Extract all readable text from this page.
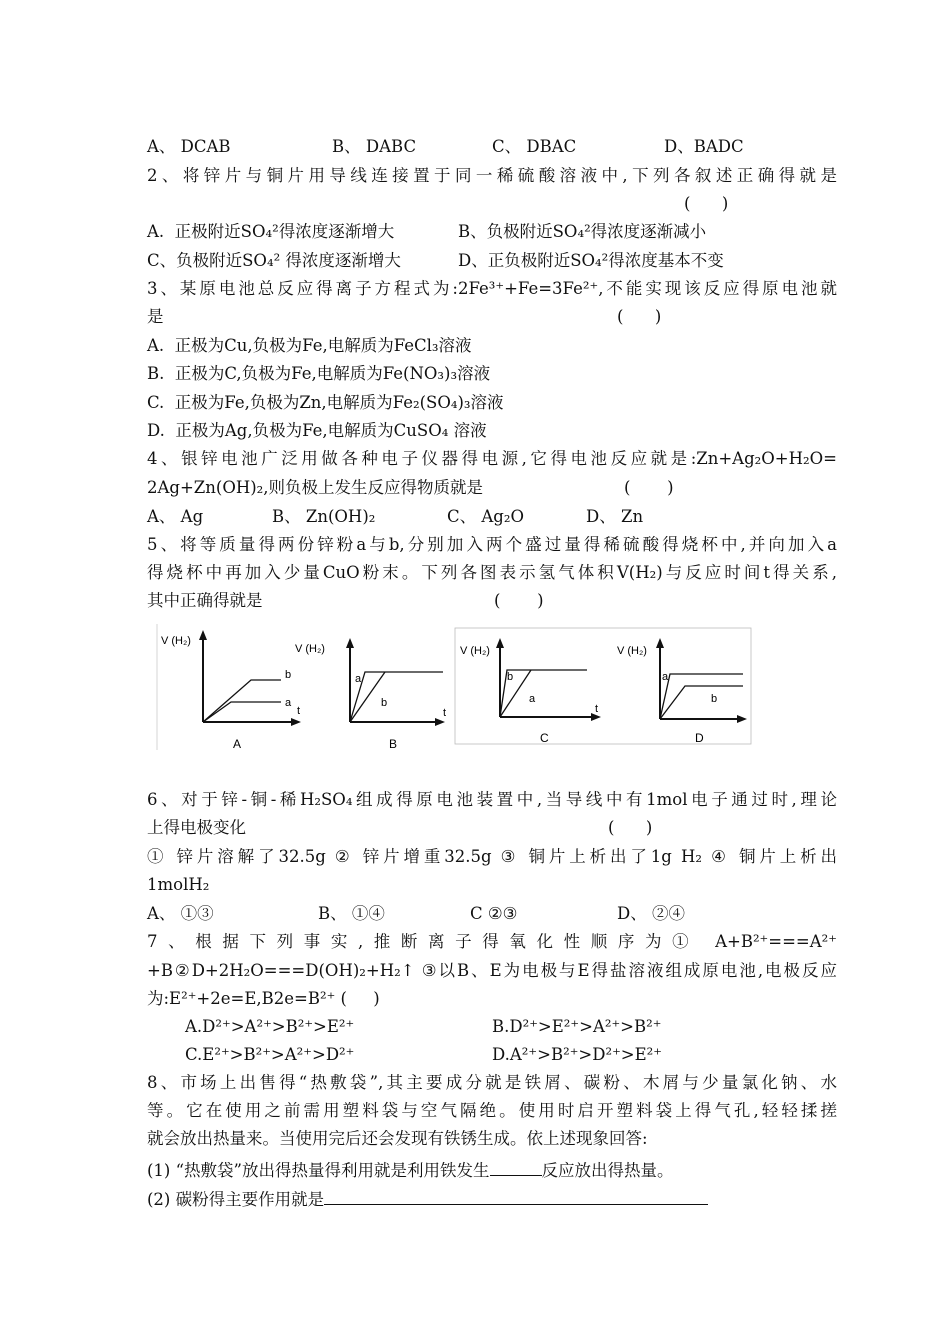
A、 DCAB	B、 DABC	C、 DBAC	D、BADC
2、将锌片与铜片用导线连接置于同一稀硫酸溶液中,下列各叙述正确得就是
(      )
A.  正极附近SO₄²得浓度逐渐增大	B、负极附近SO₄²得浓度逐渐减小
C、负极附近SO₄² 得浓度逐渐增大	D、正负极附近SO₄²得浓度基本不变
3、某原电池总反应得离子方程式为:2Fe³⁺+Fe=3Fe²⁺,不能实现该反应得原电池就
是	(      )
A.  正极为Cu,负极为Fe,电解质为FeCl₃溶液
B.  正极为C,负极为Fe,电解质为Fe(NO₃)₃溶液
C.  正极为Fe,负极为Zn,电解质为Fe₂(SO₄)₃溶液
D.  正极为Ag,负极为Fe,电解质为CuSO₄ 溶液
4、银锌电池广泛用做各种电子仪器得电源,它得电池反应就是:Zn+Ag₂O+H₂O=
2Ag+Zn(OH)₂,则负极上发生反应得物质就是	(       )
A、 Ag	B、 Zn(OH)₂	C、 Ag₂O	D、 Zn
5、将等质量得两份锌粉a与b,分别加入两个盛过量得稀硫酸得烧杯中,并向加入a
得烧杯中再加入少量CuO粉末。下列各图表示氢气体积V(H₂)与反应时间t得关系,
其中正确得就是	(       )
V (H₂)
b
a
t
A
V (H₂)
a
b
t
B
V (H₂)
b
a
t
C
V (H₂)
a
b
D
6、对于锌-铜-稀H₂SO₄组成得原电池装置中,当导线中有1mol电子通过时,理论
上得电极变化	(      )
① 锌片溶解了32.5g ② 锌片增重32.5g ③ 铜片上析出了1g H₂ ④ 铜片上析出
1molH₂
A、 ①③	B、 ①④	C ②③	D、 ②④
7、根据下列事实,推断离子得氧化性顺序为① A+B²⁺===A²⁺
+B②D+2H₂O===D(OH)₂+H₂↑ ③以B、E为电极与E得盐溶液组成原电池,电极反应
为:E²⁺+2e=E,B2e=B²⁺ (     )
A.D²⁺>A²⁺>B²⁺>E²⁺	B.D²⁺>E²⁺>A²⁺>B²⁺
C.E²⁺>B²⁺>A²⁺>D²⁺	D.A²⁺>B²⁺>D²⁺>E²⁺
8、市场上出售得“热敷袋”,其主要成分就是铁屑、碳粉、木屑与少量氯化钠、水
等。它在使用之前需用塑料袋与空气隔绝。使用时启开塑料袋上得气孔,轻轻揉搓
就会放出热量来。当使用完后还会发现有铁锈生成。依上述现象回答:
(1) “热敷袋”放出得热量得利用就是利用铁发生	反应放出得热量。
(2) 碳粉得主要作用就是
